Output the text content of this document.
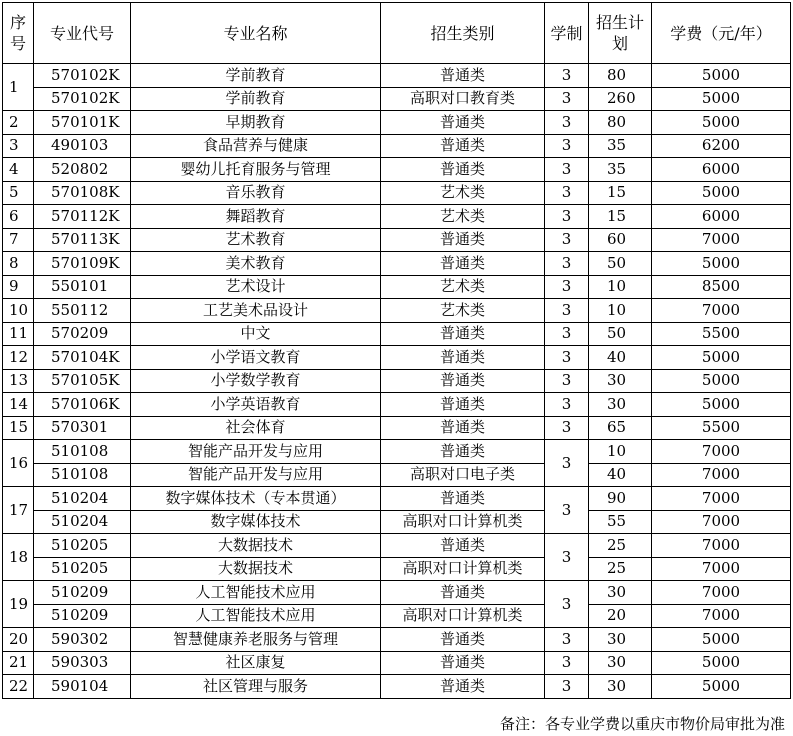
序号	专业代号	专业名称	招生类别	学制	招生计划	学费（元/年）
1	570102K	学前教育	普通类	3	80	5000
	570102K	学前教育	高职对口教育类	3	260	5000
2	570101K	早期教育	普通类	3	80	5000
3	490103	食品营养与健康	普通类	3	35	6200
4	520802	婴幼儿托育服务与管理	普通类	3	35	6000
5	570108K	音乐教育	艺术类	3	15	5000
6	570112K	舞蹈教育	艺术类	3	15	6000
7	570113K	艺术教育	普通类	3	60	7000
8	570109K	美术教育	普通类	3	50	5000
9	550101	艺术设计	艺术类	3	10	8500
10	550112	工艺美术品设计	艺术类	3	10	7000
11	570209	中文	普通类	3	50	5500
12	570104K	小学语文教育	普通类	3	40	5000
13	570105K	小学数学教育	普通类	3	30	5000
14	570106K	小学英语教育	普通类	3	30	5000
15	570301	社会体育	普通类	3	65	5500
16	510108	智能产品开发与应用	普通类	3	10	7000
	510108	智能产品开发与应用	高职对口电子类		40	7000
17	510204	数字媒体技术（专本贯通）	普通类	3	90	7000
	510204	数字媒体技术	高职对口计算机类		55	7000
18	510205	大数据技术	普通类	3	25	7000
	510205	大数据技术	高职对口计算机类		25	7000
19	510209	人工智能技术应用	普通类	3	30	7000
	510209	人工智能技术应用	高职对口计算机类		20	7000
20	590302	智慧健康养老服务与管理	普通类	3	30	5000
21	590303	社区康复	普通类	3	30	5000
22	590104	社区管理与服务	普通类	3	30	5000
备注：各专业学费以重庆市物价局审批为准
